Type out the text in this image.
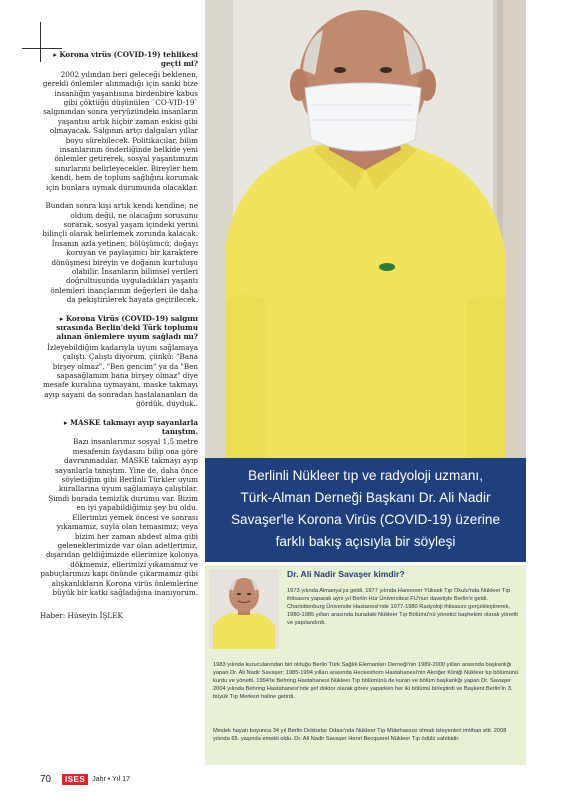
▸ Korona virüs (COVID-19) tehlikesi geçti mi?

2002 yılından beri geleceği beklenen, gerekli önlemler alınmadığı için sanki bize insanlığın yaşantısına birdenbire kabus gibi çöktüğü düşünülen `CO-VID-19` salgınından sonra yeryüzündeki insanların yaşantısı artık hiçbir zaman eskisi gibi olmayacak. Salgının artçı dalgaları yıllar boyu sürebilecek. Politikacılar, bilim insanlarının önderliğinde belkide yeni önlemler getirerek, sosyal yaşantımızın sınırlarını belirleyecekler. Bireyler hem kendi, hem de toplum sağlığını korumak için bunlara uymak durumunda olacaklar.

Bundan sonra kişi artık kendi kendine; ne oldum değil, ne olacağım sorusunu sorarak, sosyal yaşam içindeki yerini bilinçli olarak belirlemek zorunda kalacak. İnsanın azla yetinen, bölüşümcü, doğayı koruyan ve paylaşımcı bir karaktere dönüşmesi bireyin ve doğanın kurtuluşu olabilir. İnsanların bilimsel verileri doğrultusunda uyguladıkları yaşantı önlemleri inançlarının değerleri ile daha da pekiştirilerek hayata geçirilecek.

▸ Korona Virüs (COVID-19) salgını sırasında Berlin'deki Türk toplumu alınan önlemlere uyum sağladı mı?

İzleyebildiğim kadarıyla uyum sağlamaya çalıştı. Çalıştı diyorum, çünkü: "Bana birşey olmaz", "Ben gencim" ya da "Ben sapasağlamım bana birşey olmaz" diye mesafe kuralına uymayanı, maske takmayı ayıp sayanı da sonradan hastalananları da gördük, duyduk..

▸ MASKE takmayı ayıp sayanlarla tanıştım.

Bazı insanlarımız sosyal 1,5 metre mesafenin faydasını bilip ona göre davranmadılar. MASKE takmayı ayıp sayanlarla tanıştım. Yine de, daha önce söylediğim gibi Berlinli Türkler uyum kurallarına uyum sağlamaya çalıştılar. Şimdi burada temizlik durumu var. Bizim en iyi yapabildiğimiz şey bu oldu. Ellerimizi yemek öncesi ve sonrası yıkamamız, suyla olan temasımız; veya bizim her zaman abdest alma gibi geleneklerimizde var olan adetlerimiz, dışarıdan geldiğimizde ellerimize kolonya dökmemiz, ellerimizi yıkamamız ve pabuçlarımızı kapı önünde çıkarmamız gibi alışkanlıkların Korona virüs önlemlerine büyük bir katkı sağladığına inanıyorum.

Haber: Hüseyin İŞLEK

Berlinli Nükleer tıp ve radyoloji uzmanı,
Türk-Alman Derneği Başkanı Dr. Ali Nadir
Savaşer'le Korona Virüs (COVID-19) üzerine
farklı bakış açısıyla bir söyleşi
Dr. Ali Nadir Savaşer kimdir?

1973 yılında Almanya'ya geldi. 1977 yılında Hannover Yüksek Tıp Okulu'nda Nükleer Tıp ihtisasını yaparak aynı yıl Berlin Hür Üniversitesi FU'nun davetiyle Berlin'e geldi. Charlottenburg Üniversite Hastanesi'nde 1977-1980 Radyoloji ihtisasını gerçekleştirerek, 1980-1985 yılları arasında buradaki Nükleer Tıp Bölümü'nü yönetici başhekim olarak yönetti ve yapılandırdı.

1983 yılında kurucularından biri olduğu Berlin Türk Sağlık Elemanları Derneği'nin 1989-2000 yılları arasında başkanlığı yapan Dr. Ali Nadir Savaşer; 1985-1994 yılları arasında Heckeshorn Hastahanesi'nin Akciğer Kliniği Nükleer tıp bölümünü kurdu ve yönetti. 1994'te Behring Hastahanesi Nükleer Tıp bölümünü de kuran ve bölüm başkanlığı yapan Dr. Savaşer 2004 yılında Behring Hastahanesi'nde şef doktor olarak görev yaparken her iki bölümü birleştirdi ve Başkent Berlin'in 3. büyük Tıp Merkezi haline getirdi.

Meslek hayatı boyunca 34 yıl Berlin Doktorlar Odası'nda Nükleer Tıp Mütehassısı olmak isteyenleri imtihan etti. 2008 yılında 65. yaşında emekli oldu. Dr. Ali Nadir Savaşer Henri Becquerel Nükleer Tıp ödülü sahibidir.

70	ISES	Jahr • Yıl 17
